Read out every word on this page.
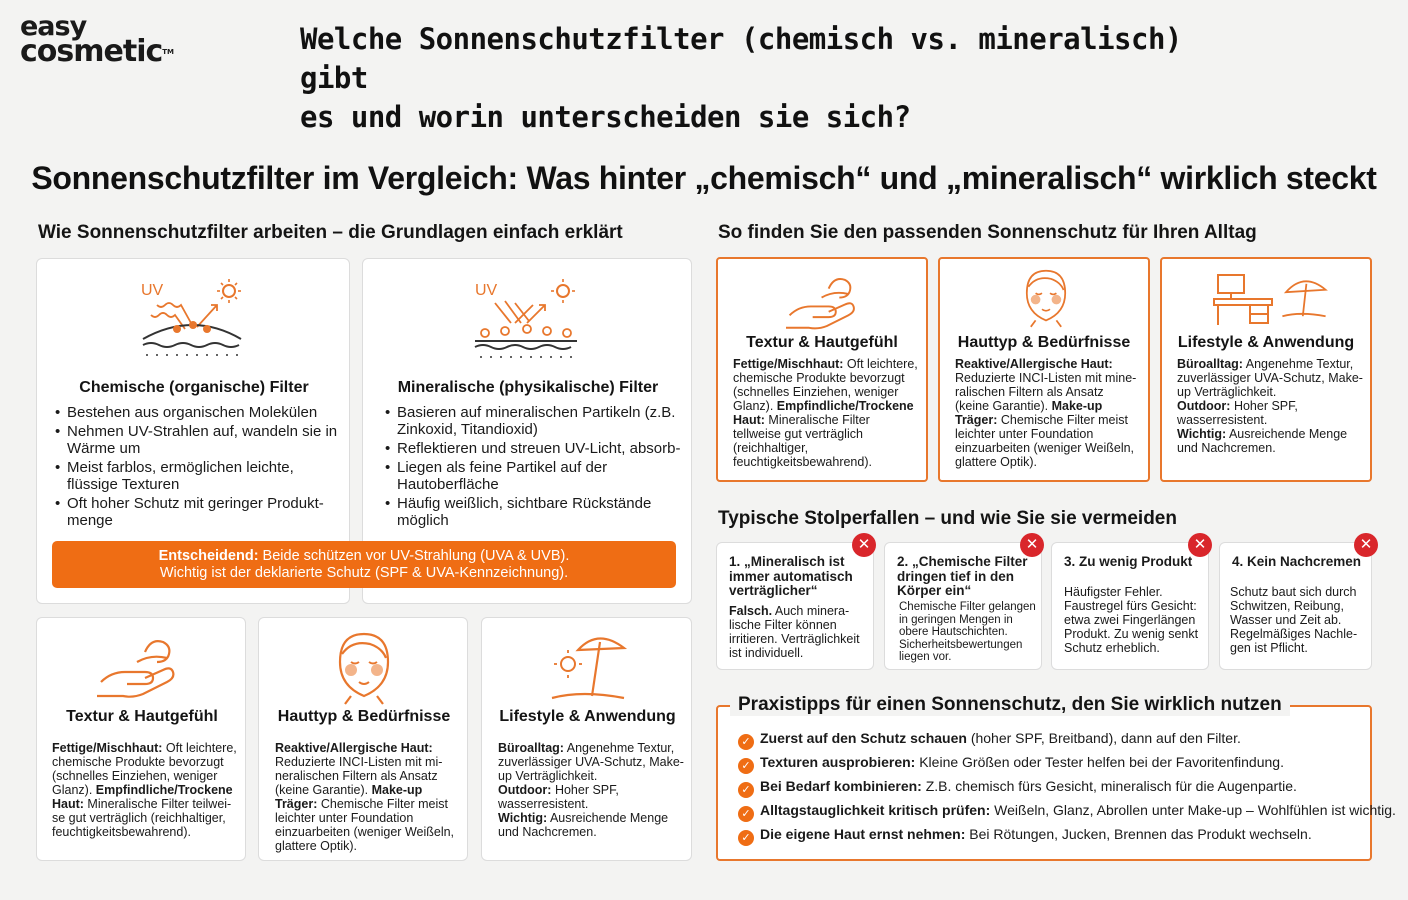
easy
cosmetic™	Welche Sonnenschutzfilter (chemisch vs. mineralisch) gibt
es und worin unterscheiden sie sich?
Sonnenschutzfilter im Vergleich: Was hinter „chemisch“ und „mineralisch“ wirklich steckt
Wie Sonnenschutzfilter arbeiten – die Grundlagen einfach erklärt
UV
Chemische (organische) Filter
• Bestehen aus organischen Molekülen
• Nehmen UV-Strahlen auf, wandeln sie in Wärme um
• Meist farblos, ermöglichen leichte, flüssige Texturen
• Oft hoher Schutz mit geringer Produkt-menge
UV
Mineralische (physikalische) Filter
• Basieren auf mineralischen Partikeln (z.B. Zinkoxid, Titandioxid)
• Reflektieren und streuen UV-Licht, absorb-
• Liegen als feine Partikel auf der Hautoberfläche
• Häufig weißlich, sichtbare Rückstände möglich
Entscheidend: Beide schützen vor UV-Strahlung (UVA & UVB).
Wichtig ist der deklarierte Schutz (SPF & UVA-Kennzeichnung).
Textur & Hautgefühl
Fettige/Mischhaut: Oft leichtere, chemische Produkte bevorzugt (schnelles Einziehen, weniger Glanz). Empfindliche/Trockene Haut: Mineralische Filter teilwei-se gut verträglich (reichhaltiger, feuchtigkeitsbewahrend).
Hauttyp & Bedürfnisse
Reaktive/Allergische Haut: Reduzierte INCI-Listen mit mi-neralischen Filtern als Ansatz (keine Garantie). Make-up Träger: Chemische Filter meist leichter unter Foundation einzuarbeiten (weniger Weißeln, glattere Optik).
Lifestyle & Anwendung
Büroalltag: Angenehme Textur, zuverlässiger UVA-Schutz, Make-up Verträglichkeit.
Outdoor: Hoher SPF, wasserresistent.
Wichtig: Ausreichende Menge und Nachcremen.
So finden Sie den passenden Sonnenschutz für Ihren Alltag
Textur & Hautgefühl
Fettige/Mischhaut: Oft leichtere, chemische Produkte bevorzugt (schnelles Einziehen, weniger Glanz). Empfindliche/Trockene Haut: Mineralische Filter tellweise gut verträglich (reichhaltiger, feuchtigkeitsbewahrend).
Hauttyp & Bedürfnisse
Reaktive/Allergische Haut: Reduzierte INCI-Listen mit mine-ralischen Filtern als Ansatz (keine Garantie). Make-up Träger: Chemische Filter meist leichter unter Foundation einzuarbeiten (weniger Weißeln, glattere Optik).
Lifestyle & Anwendung
Büroalltag: Angenehme Textur, zuverlässiger UVA-Schutz, Make-up Verträglichkeit.
Outdoor: Hoher SPF, wasserresistent.
Wichtig: Ausreichende Menge und Nachcremen.
Typische Stolperfallen – und wie Sie sie vermeiden
1. „Mineralisch ist immer automatisch verträglicher“
Falsch. Auch minera-lische Filter können irritieren. Verträglichkeit ist individuell.
✕
2. „Chemische Filter dringen tief in den Körper ein“
Chemische Filter gelangen in geringen Mengen in obere Hautschichten. Sicherheitsbewertungen liegen vor.
✕
3. Zu wenig Produkt
Häufigster Fehler. Faustregel fürs Gesicht: etwa zwei Fingerlängen Produkt. Zu wenig senkt Schutz erheblich.
✕
4. Kein Nachcremen
Schutz baut sich durch Schwitzen, Reibung, Wasser und Zeit ab. Regelmäßiges Nachle-gen ist Pflicht.
✕
Praxistipps für einen Sonnenschutz, den Sie wirklich nutzen
✓ Zuerst auf den Schutz schauen (hoher SPF, Breitband), dann auf den Filter.
✓ Texturen ausprobieren: Kleine Größen oder Tester helfen bei der Favoritenfindung.
✓ Bei Bedarf kombinieren: Z.B. chemisch fürs Gesicht, mineralisch für die Augenpartie.
✓ Alltagstauglichkeit kritisch prüfen: Weißeln, Glanz, Abrollen unter Make-up – Wohlfühlen ist wichtig.
✓ Die eigene Haut ernst nehmen: Bei Rötungen, Jucken, Brennen das Produkt wechseln.
